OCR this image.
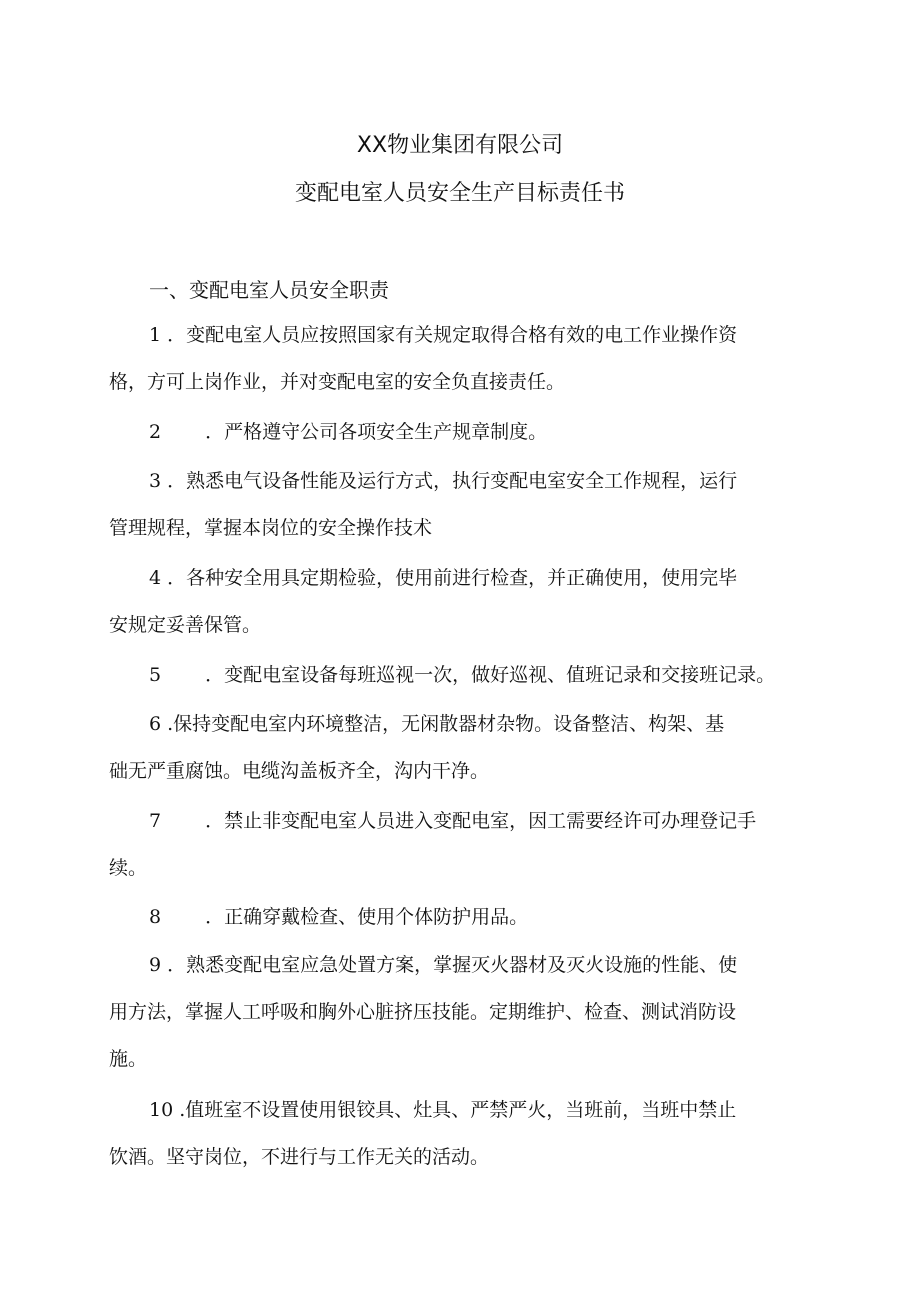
XX物业集团有限公司
变配电室人员安全生产目标责任书
一、变配电室人员安全职责
1 ．变配电室人员应按照国家有关规定取得合格有效的电工作业操作资
格，方可上岗作业，并对变配电室的安全负直接责任。
2 ．严格遵守公司各项安全生产规章制度。
3 ．熟悉电气设备性能及运行方式，执行变配电室安全工作规程，运行
管理规程，掌握本岗位的安全操作技术
4 ．各种安全用具定期检验，使用前进行检查，并正确使用，使用完毕
安规定妥善保管。
5 ．变配电室设备每班巡视一次，做好巡视、值班记录和交接班记录。
6 .保持变配电室内环境整洁，无闲散器材杂物。设备整洁、构架、基
础无严重腐蚀。电缆沟盖板齐全，沟内干净。
7 ．禁止非变配电室人员进入变配电室，因工需要经许可办理登记手
续。
8 ．正确穿戴检查、使用个体防护用品。
9 ．熟悉变配电室应急处置方案，掌握灭火器材及灭火设施的性能、使
用方法，掌握人工呼吸和胸外心脏挤压技能。定期维护、检查、测试消防设
施。
10 .值班室不设置使用银铰具、灶具、严禁严火，当班前，当班中禁止
饮酒。坚守岗位，不进行与工作无关的活动。
